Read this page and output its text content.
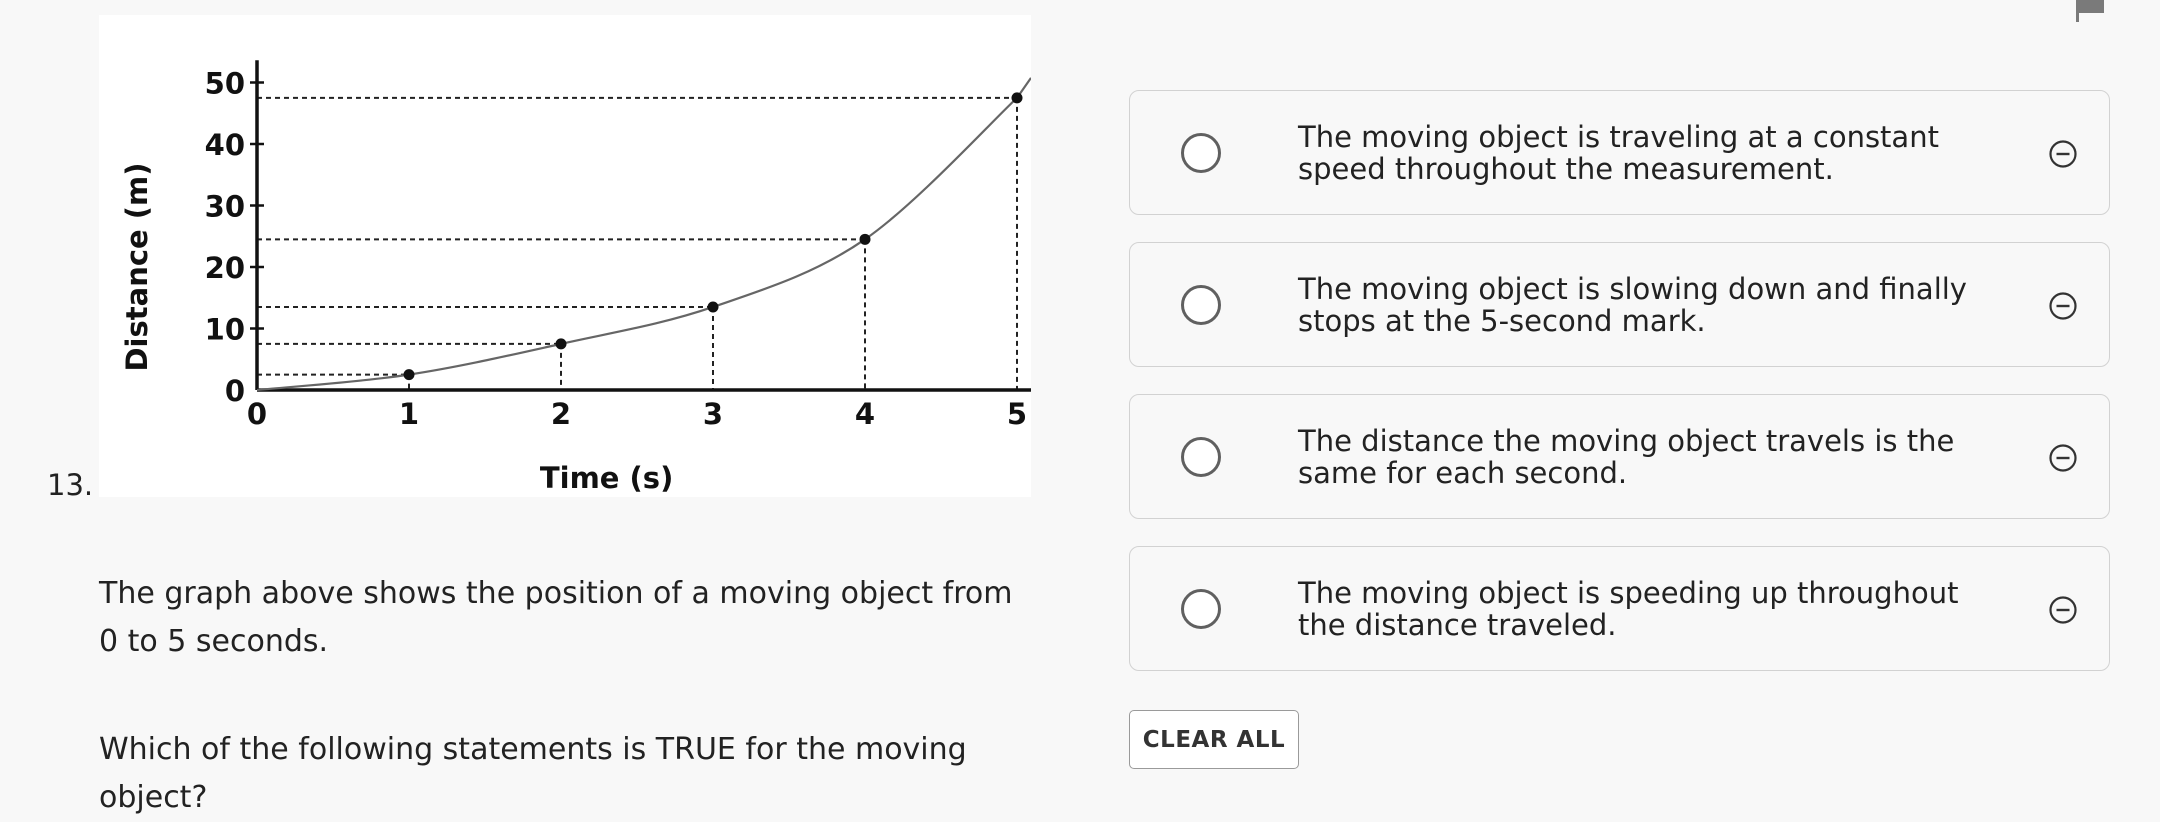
13.
0
10
20
30
40
50
0	1	2	3	4	5
Time (s)
Distance (m)
The graph above shows the position of a moving object from 0 to 5 seconds.
Which of the following statements is TRUE for the moving object?
The moving object is traveling at a constant speed throughout the measurement.
The moving object is slowing down and finally stops at the 5-second mark.
The distance the moving object travels is the same for each second.
The moving object is speeding up throughout the distance traveled.
CLEAR ALL
